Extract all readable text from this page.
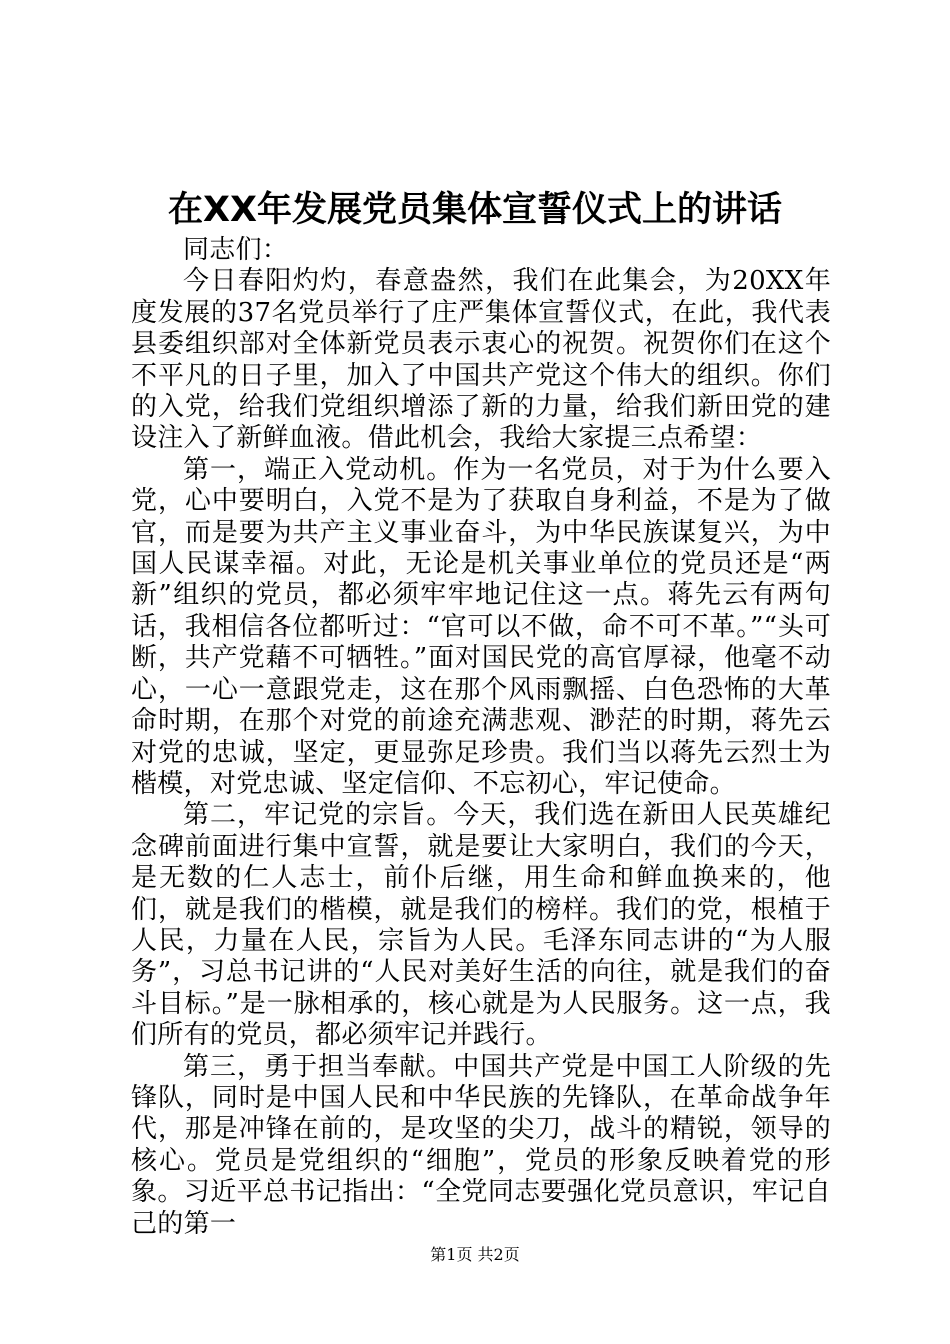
在XX年发展党员集体宣誓仪式上的讲话

同志们：

今日春阳灼灼，春意盎然，我们在此集会，为20XX年度发展的37名党员举行了庄严集体宣誓仪式，在此，我代表县委组织部对全体新党员表示衷心的祝贺。祝贺你们在这个不平凡的日子里，加入了中国共产党这个伟大的组织。你们的入党，给我们党组织增添了新的力量，给我们新田党的建设注入了新鲜血液。借此机会，我给大家提三点希望：

第一，端正入党动机。作为一名党员，对于为什么要入党，心中要明白，入党不是为了获取自身利益，不是为了做官，而是要为共产主义事业奋斗，为中华民族谋复兴，为中国人民谋幸福。对此，无论是机关事业单位的党员还是“两新”组织的党员，都必须牢牢地记住这一点。蒋先云有两句话，我相信各位都听过：“官可以不做，命不可不革。”“头可断，共产党藉不可牺牲。”面对国民党的高官厚禄，他毫不动心，一心一意跟党走，这在那个风雨飘摇、白色恐怖的大革命时期，在那个对党的前途充满悲观、渺茫的时期，蒋先云对党的忠诚，坚定，更显弥足珍贵。我们当以蒋先云烈士为楷模，对党忠诚、坚定信仰、不忘初心，牢记使命。

第二，牢记党的宗旨。今天，我们选在新田人民英雄纪念碑前面进行集中宣誓，就是要让大家明白，我们的今天，是无数的仁人志士，前仆后继，用生命和鲜血换来的，他们，就是我们的楷模，就是我们的榜样。我们的党，根植于人民，力量在人民，宗旨为人民。毛泽东同志讲的“为人服务”，习总书记讲的“人民对美好生活的向往，就是我们的奋斗目标。”是一脉相承的，核心就是为人民服务。这一点，我们所有的党员，都必须牢记并践行。

第三，勇于担当奉献。中国共产党是中国工人阶级的先锋队，同时是中国人民和中华民族的先锋队，在革命战争年代，那是冲锋在前的，是攻坚的尖刀，战斗的精锐，领导的核心。党员是党组织的“细胞”，党员的形象反映着党的形象。习近平总书记指出：“全党同志要强化党员意识，牢记自己的第一

第1页 共2页
